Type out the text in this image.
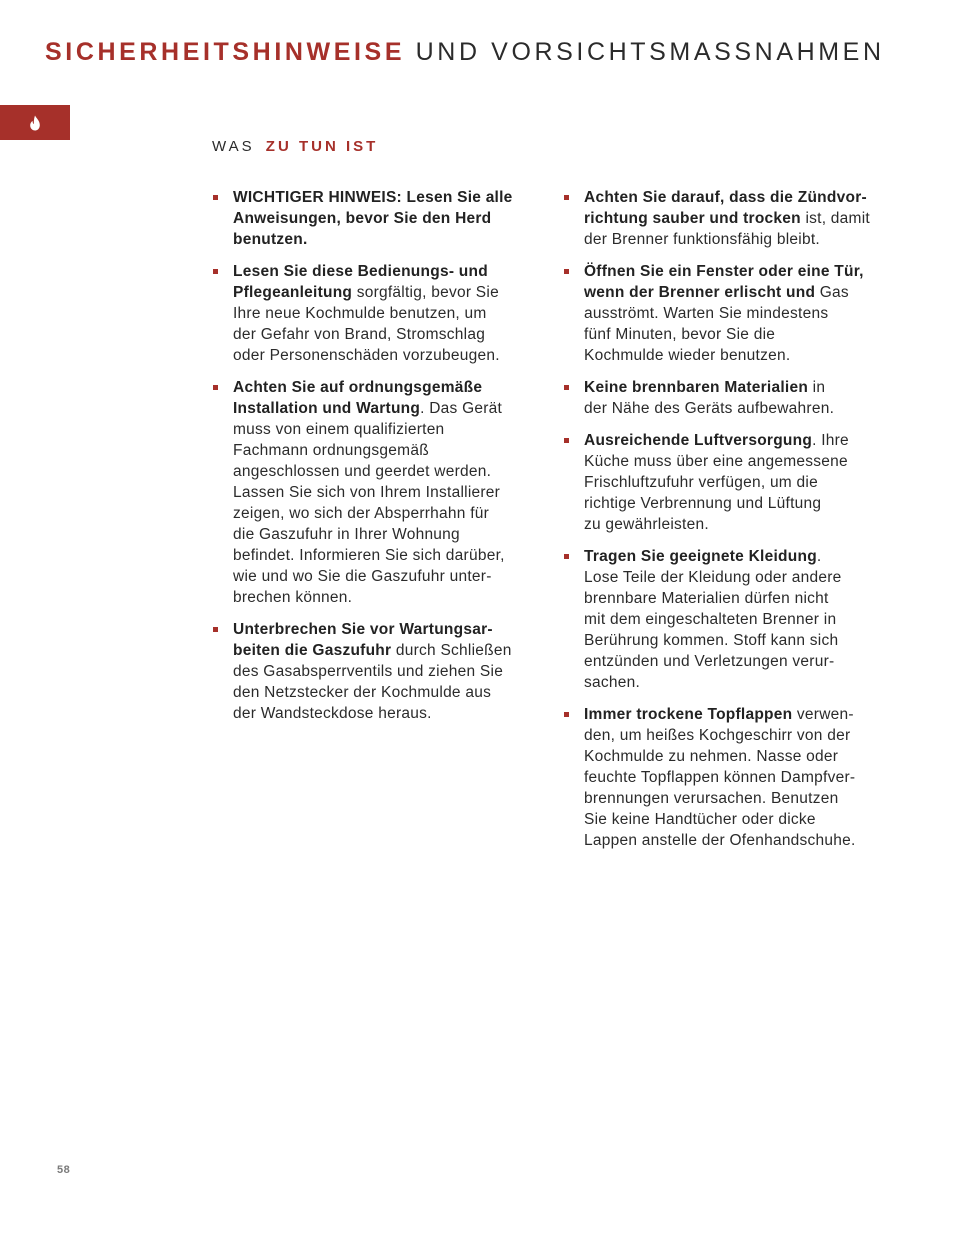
SICHERHEITSHINWEISE UND VORSICHTSMASSNAHMEN
WAS ZU TUN IST
WICHTIGER HINWEIS: Lesen Sie alle
Anweisungen, bevor Sie den Herd
benutzen.
Lesen Sie diese Bedienungs- und
Pflegeanleitung sorgfältig, bevor Sie
Ihre neue Kochmulde benutzen, um
der Gefahr von Brand, Stromschlag
oder Personenschäden vorzubeugen.
Achten Sie auf ordnungsgemäße
Installation und Wartung. Das Gerät
muss von einem qualifizierten
Fachmann ordnungsgemäß
angeschlossen und geerdet werden.
Lassen Sie sich von Ihrem Installierer
zeigen, wo sich der Absperrhahn für
die Gaszufuhr in Ihrer Wohnung
befindet. Informieren Sie sich darüber,
wie und wo Sie die Gaszufuhr unter-
brechen können.
Unterbrechen Sie vor Wartungsar-
beiten die Gaszufuhr durch Schließen
des Gasabsperrventils und ziehen Sie
den Netzstecker der Kochmulde aus
der Wandsteckdose heraus.
Achten Sie darauf, dass die Zündvor-
richtung sauber und trocken ist, damit
der Brenner funktionsfähig bleibt.
Öffnen Sie ein Fenster oder eine Tür,
wenn der Brenner erlischt und Gas
ausströmt. Warten Sie mindestens
fünf Minuten, bevor Sie die
Kochmulde wieder benutzen.
Keine brennbaren Materialien in
der Nähe des Geräts aufbewahren.
Ausreichende Luftversorgung. Ihre
Küche muss über eine angemessene
Frischluftzufuhr verfügen, um die
richtige Verbrennung und Lüftung
zu gewährleisten.
Tragen Sie geeignete Kleidung.
Lose Teile der Kleidung oder andere
brennbare Materialien dürfen nicht
mit dem eingeschalteten Brenner in
Berührung kommen. Stoff kann sich
entzünden und Verletzungen verur-
sachen.
Immer trockene Topflappen verwen-
den, um heißes Kochgeschirr von der
Kochmulde zu nehmen. Nasse oder
feuchte Topflappen können Dampfver-
brennungen verursachen. Benutzen
Sie keine Handtücher oder dicke
Lappen anstelle der Ofenhandschuhe.
58
